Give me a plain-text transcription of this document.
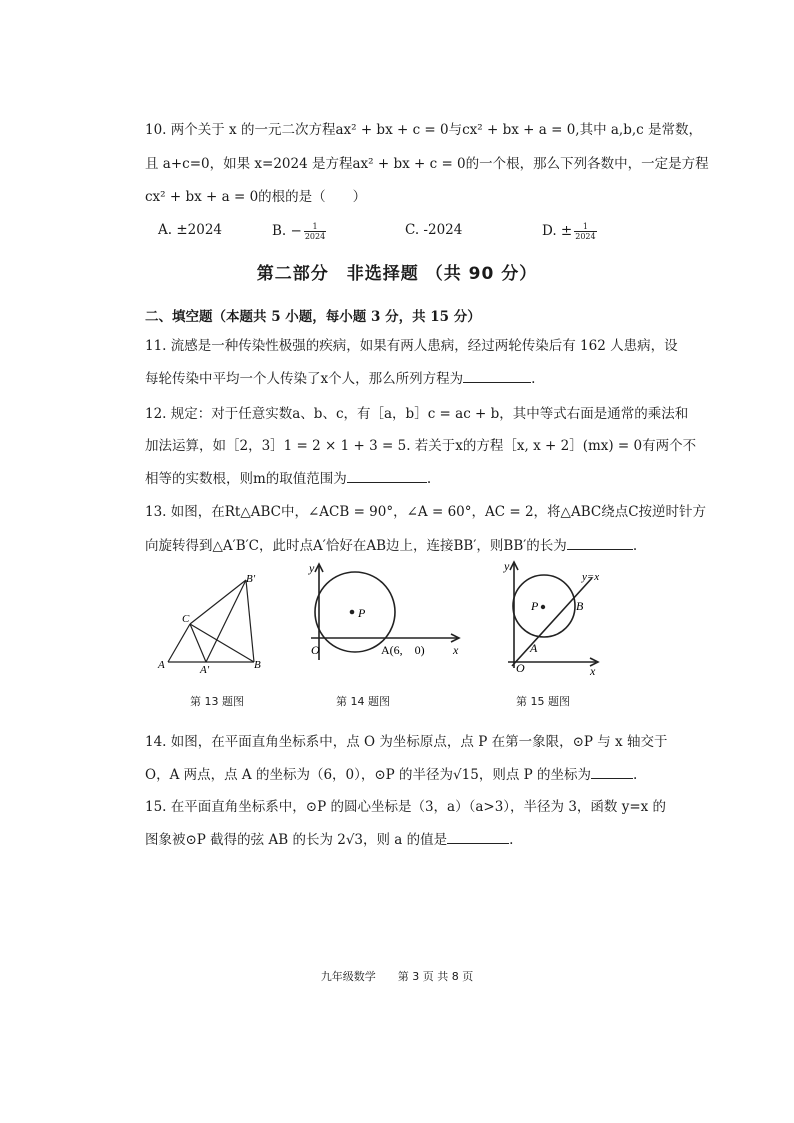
10. 两个关于 x 的一元二次方程ax² + bx + c = 0与cx² + bx + a = 0,其中 a,b,c 是常数，
且 a+c=0，如果 x=2024 是方程ax² + bx + c = 0的一个根，那么下列各数中，一定是方程
cx² + bx + a = 0的根的是（　　）
A. ±2024	B. − $\frac{1}{2024}$	C. -2024	D. ± $\frac{1}{2024}$
第二部分　非选择题 （共 90 分）
二、填空题（本题共 5 小题，每小题 3 分，共 15 分）
11. 流感是一种传染性极强的疾病，如果有两人患病，经过两轮传染后有 162 人患病，设
每轮传染中平均一个人传染了x个人，那么所列方程为	.
12. 规定：对于任意实数a、b、c，有［a，b］c = ac + b，其中等式右面是通常的乘法和
加法运算，如［2，3］1 = 2 × 1 + 3 = 5. 若关于x的方程［x, x + 2］(mx) = 0有两个不
相等的实数根，则m的取值范围为	.
13. 如图，在Rt△ABC中，∠ACB = 90°，∠A = 60°，AC = 2，将△ABC绕点C按逆时针方
向旋转得到△A′B′C，此时点A′恰好在AB边上，连接BB′，则BB′的长为	.
B′
C
A	A′	B
第 13 题图
y
P
O	A(6,　0) x
第 14 题图
y
y=x
P	B
A
O	x
第 15 题图
14. 如图，在平面直角坐标系中，点 O 为坐标原点，点 P 在第一象限，⊙P 与 x 轴交于
O，A 两点，点 A 的坐标为（6，0），⊙P 的半径为√15，则点 P 的坐标为	.
15. 在平面直角坐标系中，⊙P 的圆心坐标是（3，a）（a>3），半径为 3，函数 y=x 的
图象被⊙P 截得的弦 AB 的长为 2√3，则 a 的值是	.
九年级数学　　第 3 页 共 8 页
